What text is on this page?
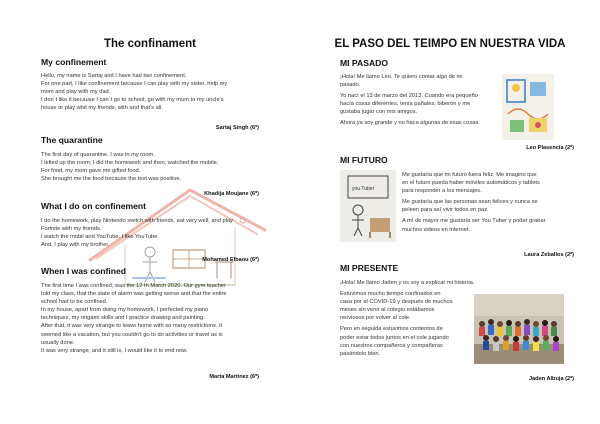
The confinament
My confinement
Hello, my name is Sartaj and I have had two confinement.
For one part, I like confinement because I can play with my sister, help my
mom and play with my dad.
I don´t like it because I can´t go to school, go with my mum to my uncle's
house or play whit my friends, with and that's all.
Sartaj Singh (6º)
The quarantine
The first day of quarantine, I was in my room.
I tidied up the room; I did the homework and then, watched the mobile.
For food, my mom gave me gifted food.
She brought me the food because the test was positive.
Khadija Moujane (6º)
What I do on confinement
I do the homework, play Nintendo switch with friends, eat very well, and play
Fortnite with my friends.
I watch the mobil and YouTube. I like YouTube.
And, I play with my brother.
Mohamed Elbaou (6º)
When I was confined
The first time I was confined, was the 12 th March 2020. Our gym teacher
told my class, that the state of alarm was getting worse and that the entire
school had to be confined.
In my house, apart from doing my homework, I perfected my piano
techniques, my origami skills and I practice drawing and painting.
After that, it was very strange to leave home with so many restrictions. It
seemed like a vacation, but you couldn't go to do activities or travel as is
usually done.
It was very strange, and it still is, I would like it to end now.
Marta Martinez (6º)
EL PASO DEL TEIMPO EN NUESTRA VIDA
MI PASADO
¡Hola! Me llamo Leo. Te quiero contar algo de mi
pasado.
Yo nací el 13 de marzo del 2013. Cuando era pequeño
hacía cosas diferentes, tenía pañales, biberón y me
gustaba jugar con mis amigos.
Ahora ya soy grande y no hace algunas de esas cosas.
Leo Plasencia (2º)
MI FUTURO
you Tuber
Me gustaría que mi futuro fuera feliz. Me imagino que
en el futuro pueda haber móviles automáticos y tablets
para responder a los mensajes.
Me gustaría que las personas sean felices y nunca se
peleen para así vivir todos en paz.
A mí de mayor me gustaría ser You Tuber y poder grabar
muchos videos en internet.
Laura Zeballos (2º)
MI PRESENTE
¡Hola! Me llamo Jaden y os voy a explicar mi historia.
Estuvimos mucho tiempo confinados en
casa por el COVID-19 y después de muchos
meses sin venir al colegio estábamos
nerviosos por volver al cole.
Pero en seguida estuvimos contentos de
poder estar todos juntos en el cole jugando
con nuestros compañeros y compañeras
pasándolo bien.
Jaden Albuja (2º)
